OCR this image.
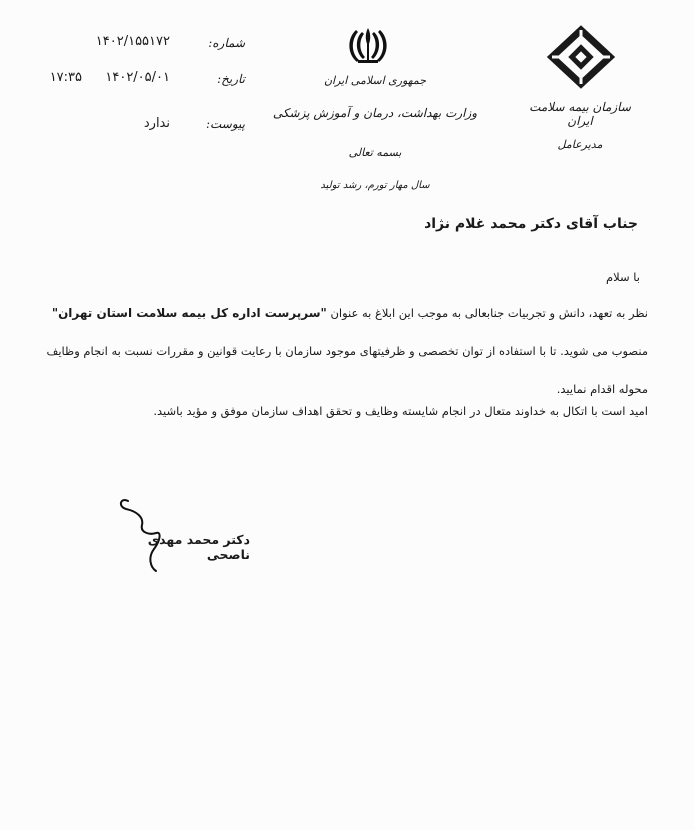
شماره:
۱۴۰۲/۱۵۵۱۷۲
تاریخ:
۱۴۰۲/۰۵/۰۱
۱۷:۳۵
پیوست:
ندارد
جمهوری اسلامی ایران
وزارت بهداشت، درمان و آموزش پزشکی
بسمه تعالی
سال مهار تورم، رشد تولید
سازمان بیمه سلامت ایران
مدیرعامل
جناب آقای دکتر محمد غلام نژاد
با سلام
نظر به تعهد، دانش و تجربیات جنابعالی به موجب این ابلاغ به عنوان "سرپرست اداره کل بیمه سلامت استان تهران" منصوب می شوید. تا با استفاده از توان تخصصی و ظرفیتهای موجود سازمان با رعایت قوانین و مقررات نسبت به انجام وظایف محوله اقدام نمایید.
امید است با اتکال به خداوند متعال در انجام شایسته وظایف و تحقق اهداف سازمان موفق و مؤید باشید.
دکتر محمد مهدی ناصحی
